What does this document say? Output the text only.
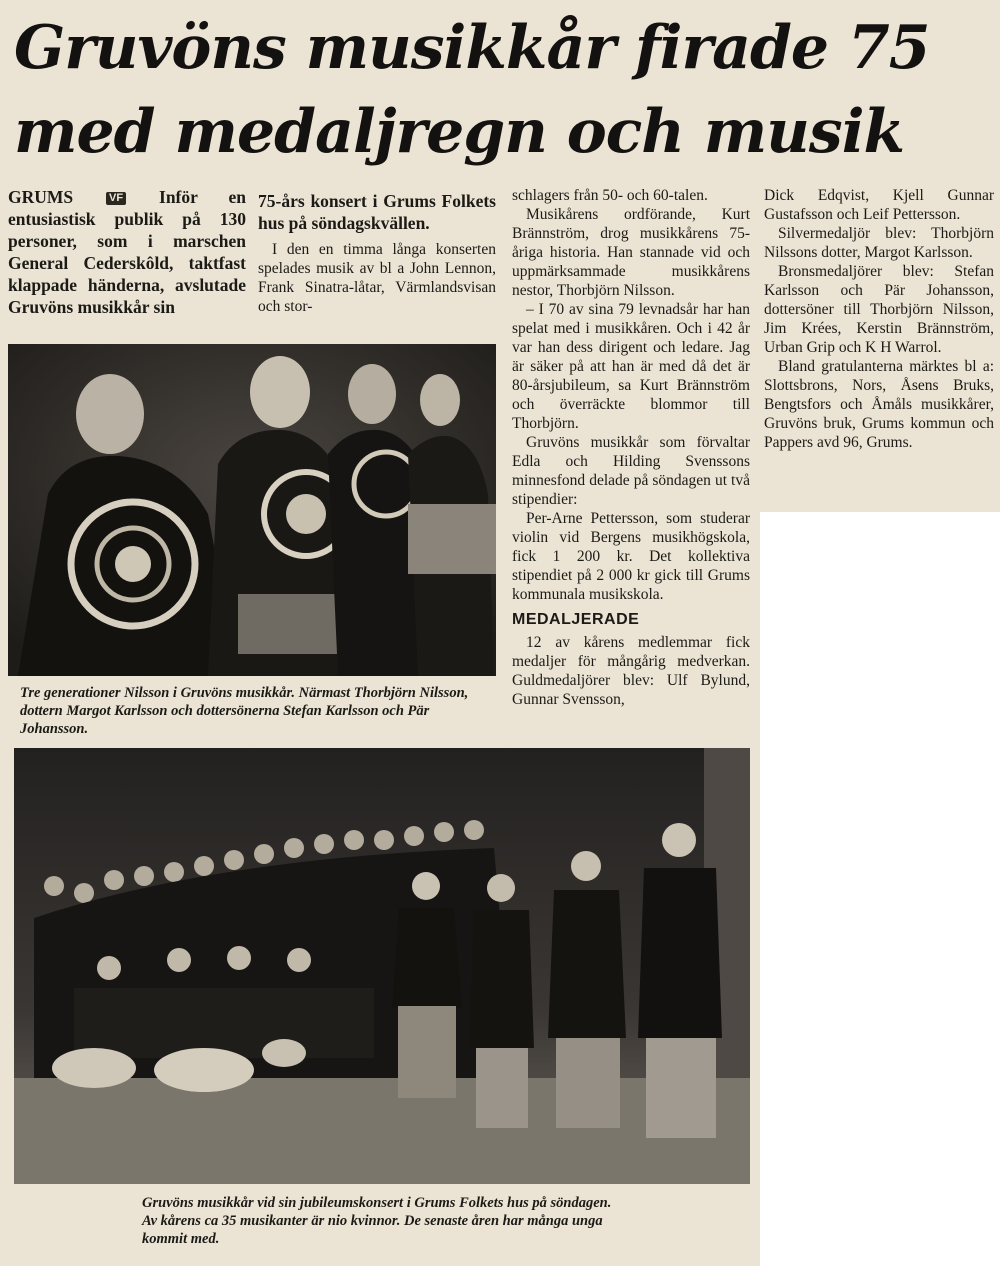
Gruvöns musikkår firade 75
med medaljregn och musik

GRUMS	VF Inför en entusiastisk publik på 130 personer, som i marschen General Cederskôld, taktfast klappade händerna, avslutade Gruvöns musikkår sin

75-års konsert i Grums Folkets hus på söndagskvällen.

I den en timma långa konserten spelades musik av bl a John Lennon, Frank Sinatra-låtar, Värmlandsvisan och stor-

Tre generationer Nilsson i Gruvöns musikkår. Närmast Thorbjörn Nilsson, dottern Margot Karlsson och dottersönerna Stefan Karlsson och Pär Johansson.

schlagers från 50- och 60-talen.

Musikårens ordförande, Kurt Brännström, drog musikkårens 75-åriga historia. Han stannade vid och uppmärksammade musikkårens nestor, Thorbjörn Nilsson.

– I 70 av sina 79 levnadsår har han spelat med i musikkåren. Och i 42 år var han dess dirigent och ledare. Jag är säker på att han är med då det är 80-årsjubileum, sa Kurt Brännström och överräckte blommor till Thorbjörn.

Gruvöns musikkår som förvaltar Edla och Hilding Svenssons minnesfond delade på söndagen ut två stipendier:

Per-Arne Pettersson, som studerar violin vid Bergens musikhögskola, fick 1 200 kr. Det kollektiva stipendiet på 2 000 kr gick till Grums kommunala musikskola.

MEDALJERADE

12 av kårens medlemmar fick medaljer för mångårig medverkan. Guldmedaljörer blev: Ulf Bylund, Gunnar Svensson,

Dick Edqvist, Kjell Gunnar Gustafsson och Leif Pettersson.

Silvermedaljör blev: Thorbjörn Nilssons dotter, Margot Karlsson.

Bronsmedaljörer blev: Stefan Karlsson och Pär Johansson, dottersöner till Thorbjörn Nilsson, Jim Krées, Kerstin Brännström, Urban Grip och K H Warrol.

Bland gratulanterna märktes bl a: Slottsbrons, Nors, Åsens Bruks, Bengtsfors och Åmåls musikkårer, Gruvöns bruk, Grums kommun och Pappers avd 96, Grums.

Gruvöns musikkår vid sin jubileumskonsert i Grums Folkets hus på söndagen. Av kårens ca 35 musikanter är nio kvinnor. De senaste åren har många unga kommit med.
